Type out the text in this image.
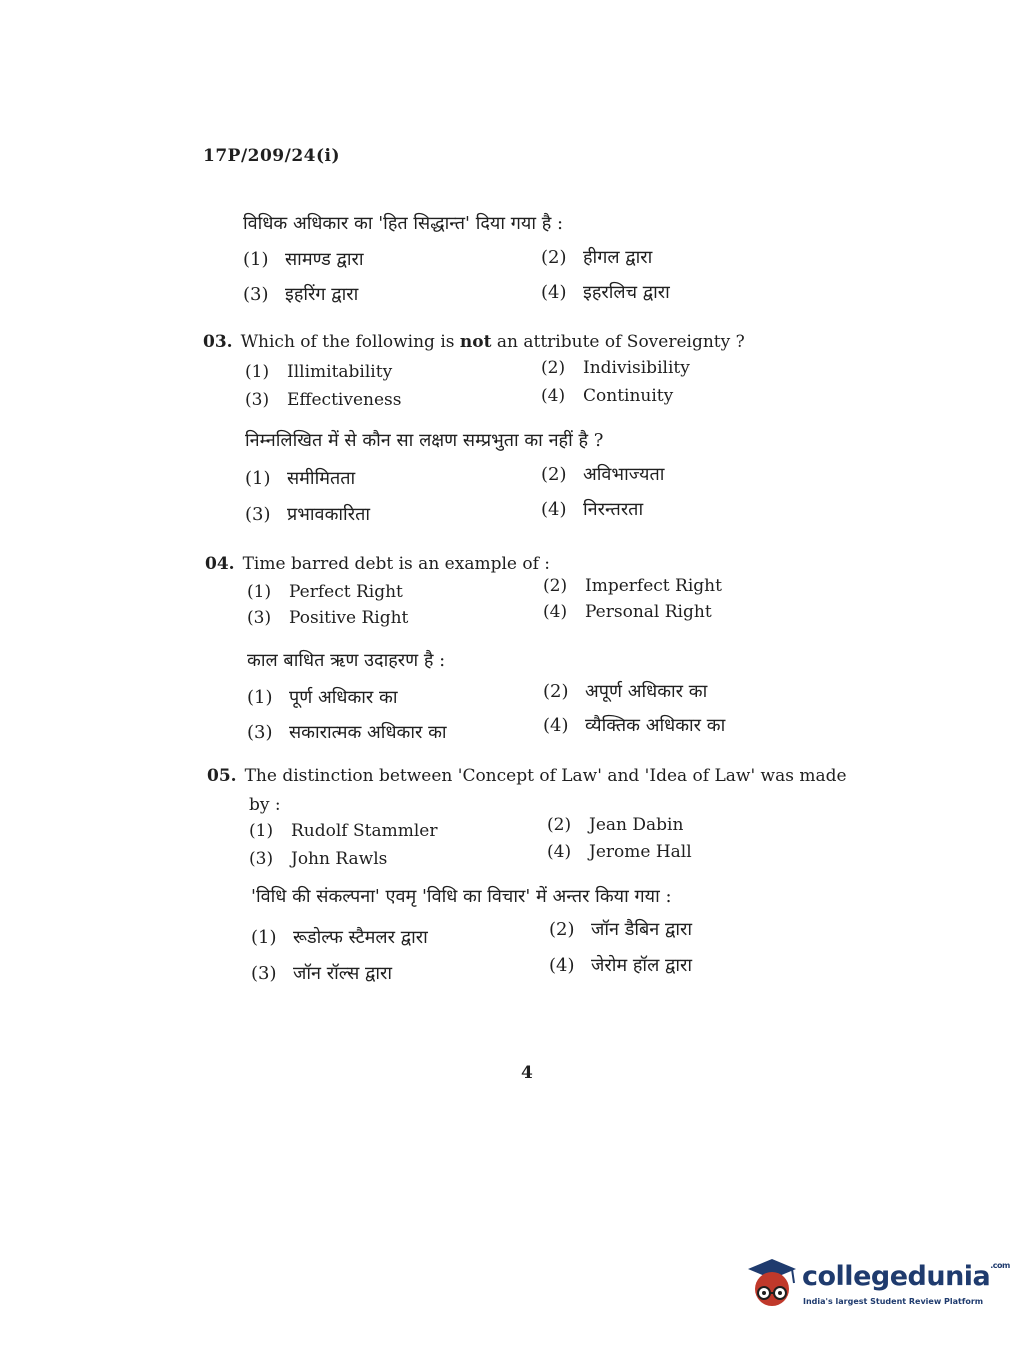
17P/209/24(i)
विधिक अधिकार का 'हित सिद्धान्त' दिया गया है :
(1) सामण्ड द्वारा	(2) हीगल द्वारा
(3) इहरिंग द्वारा	(4) इहरलिच द्वारा
03. Which of the following is not an attribute of Sovereignty ?
(1) Illimitability	(2) Indivisibility
(3) Effectiveness	(4) Continuity
निम्नलिखित में से कौन सा लक्षण सम्प्रभुता का नहीं है ?
(1) समीमितता	(2) अविभाज्यता
(3) प्रभावकारिता	(4) निरन्तरता
04. Time barred debt is an example of :
(1) Perfect Right	(2) Imperfect Right
(3) Positive Right	(4) Personal Right
काल बाधित ऋण उदाहरण है :
(1) पूर्ण अधिकार का	(2) अपूर्ण अधिकार का
(3) सकारात्मक अधिकार का	(4) व्यैक्तिक अधिकार का
05. The distinction between 'Concept of Law' and 'Idea of Law' was made
by :
(1) Rudolf Stammler	(2) Jean Dabin
(3) John Rawls	(4) Jerome Hall
'विधि की संकल्पना' एवमृ 'विधि का विचार' में अन्तर किया गया :
(1) रूडोल्फ स्टैमलर द्वारा	(2) जॉन डैबिन द्वारा
(3) जॉन रॉल्स द्वारा	(4) जेरोम हॉल द्वारा
4
collegedunia$^{.com}$
India's largest Student Review Platform
